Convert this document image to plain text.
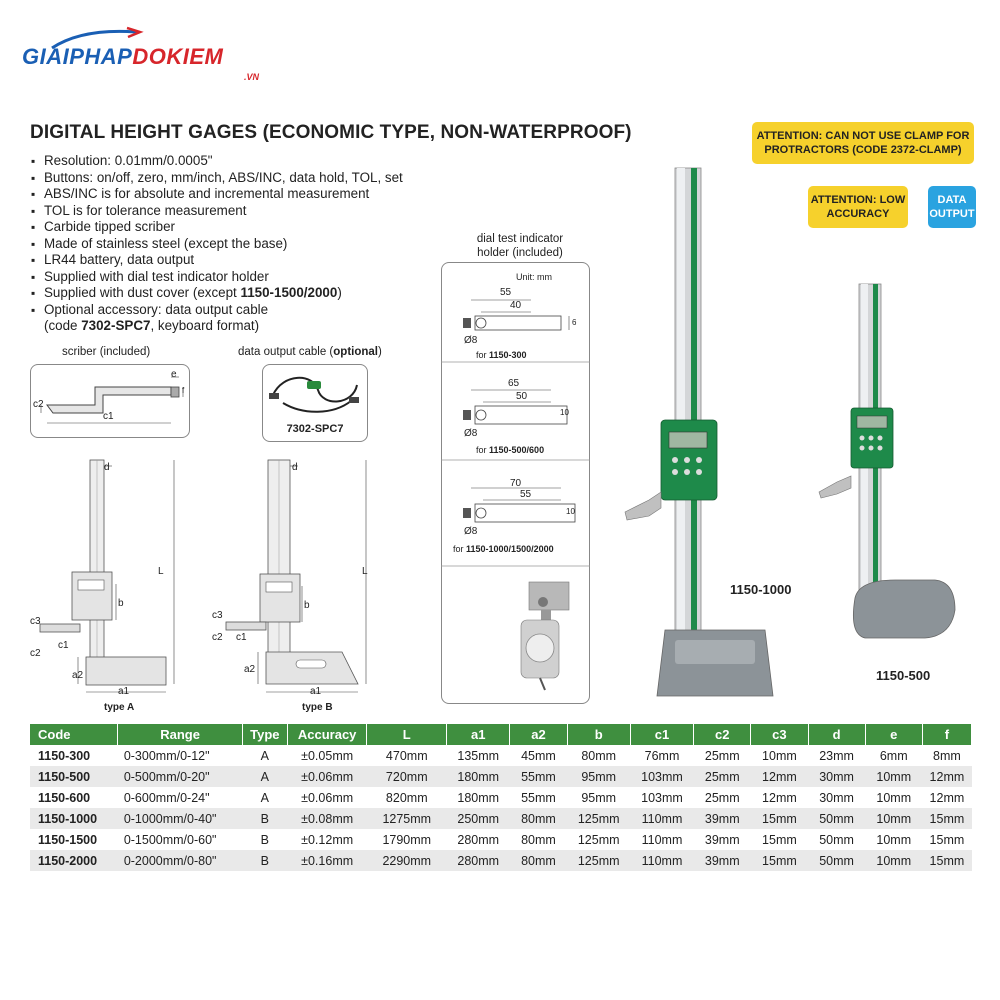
GIAIPHAPDOKIEM
.VN
DIGITAL HEIGHT GAGES (ECONOMIC TYPE, NON-WATERPROOF)
▪ Resolution: 0.01mm/0.0005"
▪ Buttons: on/off, zero, mm/inch, ABS/INC, data hold, TOL, set
▪ ABS/INC is for absolute and incremental measurement
▪ TOL is for tolerance measurement
▪ Carbide tipped scriber
▪ Made of stainless steel (except the base)
▪ LR44 battery, data output
▪ Supplied with dial test indicator holder
▪ Supplied with dust cover (except 1150-1500/2000)
▪ Optional accessory: data output cable
(code 7302-SPC7, keyboard format)
ATTENTION: CAN NOT USE CLAMP FOR PROTRACTORS (CODE 2372-CLAMP)
ATTENTION: LOW ACCURACY
DATA OUTPUT
scriber (included)
c2
c1
e
f
data output cable (optional)
7302-SPC7
d
L
b
c3
c1
c2
a2
a1
type A
d
L
b
c3
c1
c2
a2
a1
type B
dial test indicator holder (included)
Unit: mm
55
40
6
Ø8
for 1150-300
65
50
10
Ø8
for 1150-500/600
70
55
10
Ø8
for 1150-1000/1500/2000
1150-1000
1150-500
Code	Range	Type	Accuracy	L	a1	a2	b	c1	c2	c3	d	e	f
1150-300	0-300mm/0-12"	A	±0.05mm	470mm	135mm	45mm	80mm	76mm	25mm	10mm	23mm	6mm	8mm
1150-500	0-500mm/0-20"	A	±0.06mm	720mm	180mm	55mm	95mm	103mm	25mm	12mm	30mm	10mm	12mm
1150-600	0-600mm/0-24"	A	±0.06mm	820mm	180mm	55mm	95mm	103mm	25mm	12mm	30mm	10mm	12mm
1150-1000	0-1000mm/0-40"	B	±0.08mm	1275mm	250mm	80mm	125mm	110mm	39mm	15mm	50mm	10mm	15mm
1150-1500	0-1500mm/0-60"	B	±0.12mm	1790mm	280mm	80mm	125mm	110mm	39mm	15mm	50mm	10mm	15mm
1150-2000	0-2000mm/0-80"	B	±0.16mm	2290mm	280mm	80mm	125mm	110mm	39mm	15mm	50mm	10mm	15mm
